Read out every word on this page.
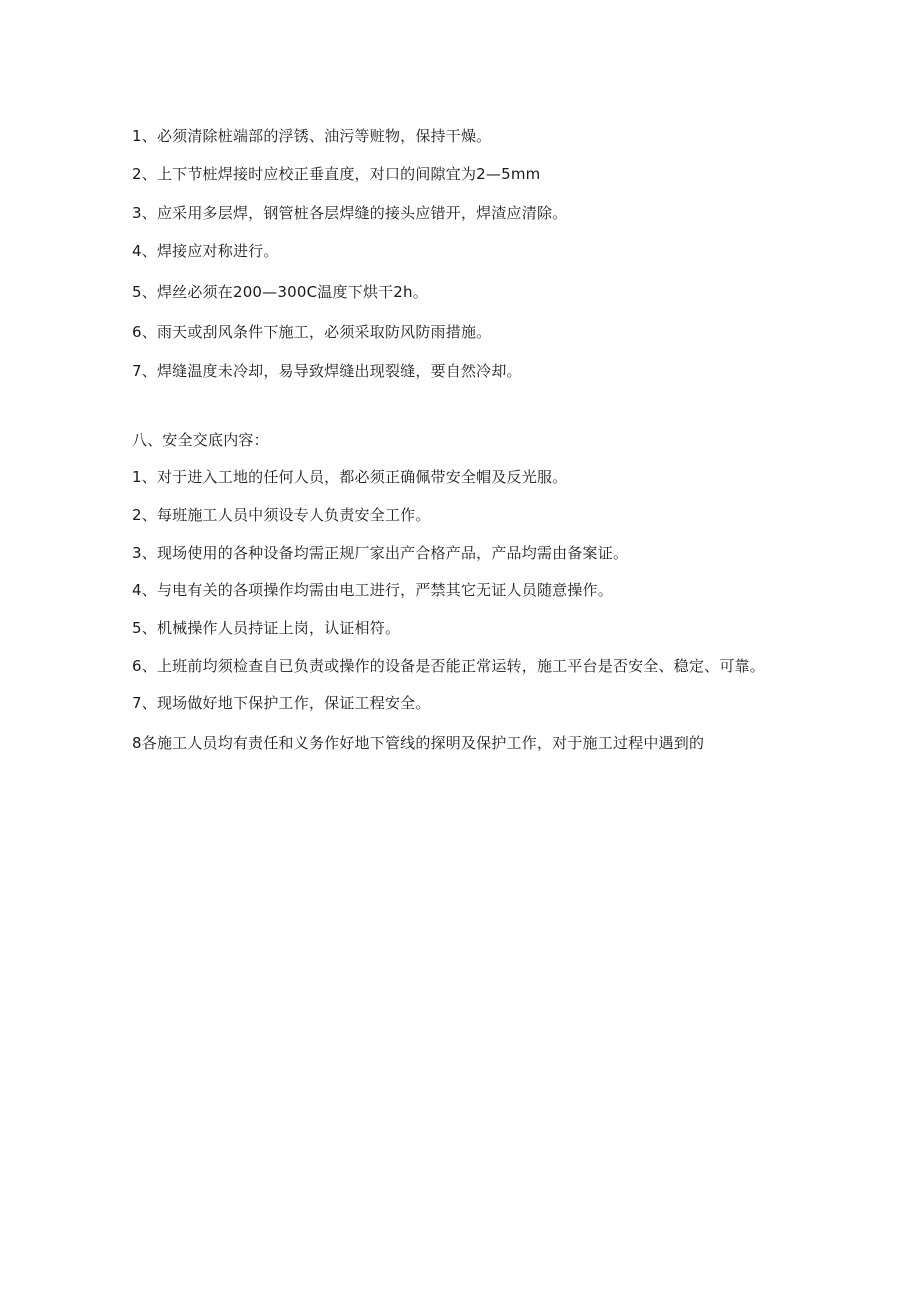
1、必须清除桩端部的浮锈、油污等赃物，保持干燥。
2、上下节桩焊接时应校正垂直度，对口的间隙宜为2—5mm
3、应采用多层焊，钢管桩各层焊缝的接头应错开，焊渣应清除。
4、焊接应对称进行。
5、焊丝必须在200—300C温度下烘干2h。
6、雨天或刮风条件下施工，必须采取防风防雨措施。
7、焊缝温度未冷却，易导致焊缝出现裂缝，要自然冷却。
八、安全交底内容：
1、对于进入工地的任何人员，都必须正确佩带安全帽及反光服。
2、每班施工人员中须设专人负责安全工作。
3、现场使用的各种设备均需正规厂家出产合格产品，产品均需由备案证。
4、与电有关的各项操作均需由电工进行，严禁其它无证人员随意操作。
5、机械操作人员持证上岗，认证相符。
6、上班前均须检查自已负责或操作的设备是否能正常运转，施工平台是否安全、稳定、可靠。
7、现场做好地下保护工作，保证工程安全。
8各施工人员均有责任和义务作好地下管线的探明及保护工作，对于施工过程中遇到的
